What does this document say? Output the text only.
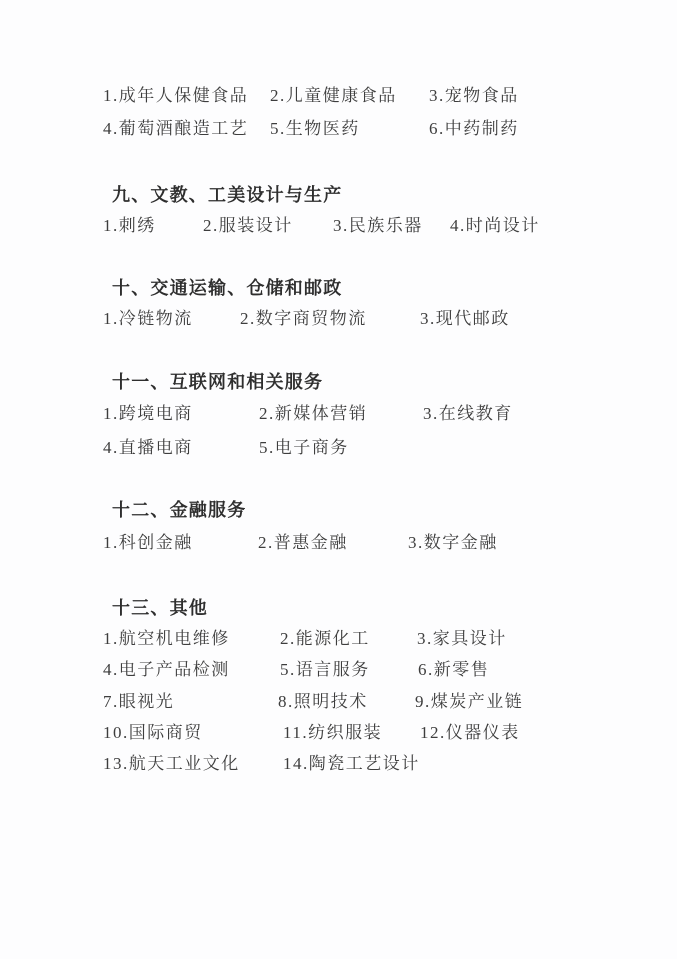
1.成年人保健食品 2.儿童健康食品 3.宠物食品
4.葡萄酒酿造工艺 5.生物医药	6.中药制药
九、文教、工美设计与生产
1.刺绣	2.服装设计 3.民族乐器 4.时尚设计
十、交通运输、仓储和邮政
1.冷链物流	2.数字商贸物流	3.现代邮政
十一、互联网和相关服务
1.跨境电商	2.新媒体营销	3.在线教育
4.直播电商	5.电子商务
十二、金融服务
1.科创金融	2.普惠金融	3.数字金融
十三、其他
1.航空机电维修	2.能源化工	3.家具设计
4.电子产品检测	5.语言服务	6.新零售
7.眼视光	8.照明技术	9.煤炭产业链
10.国际商贸	11.纺织服装 12.仪器仪表
13.航天工业文化	14.陶瓷工艺设计
